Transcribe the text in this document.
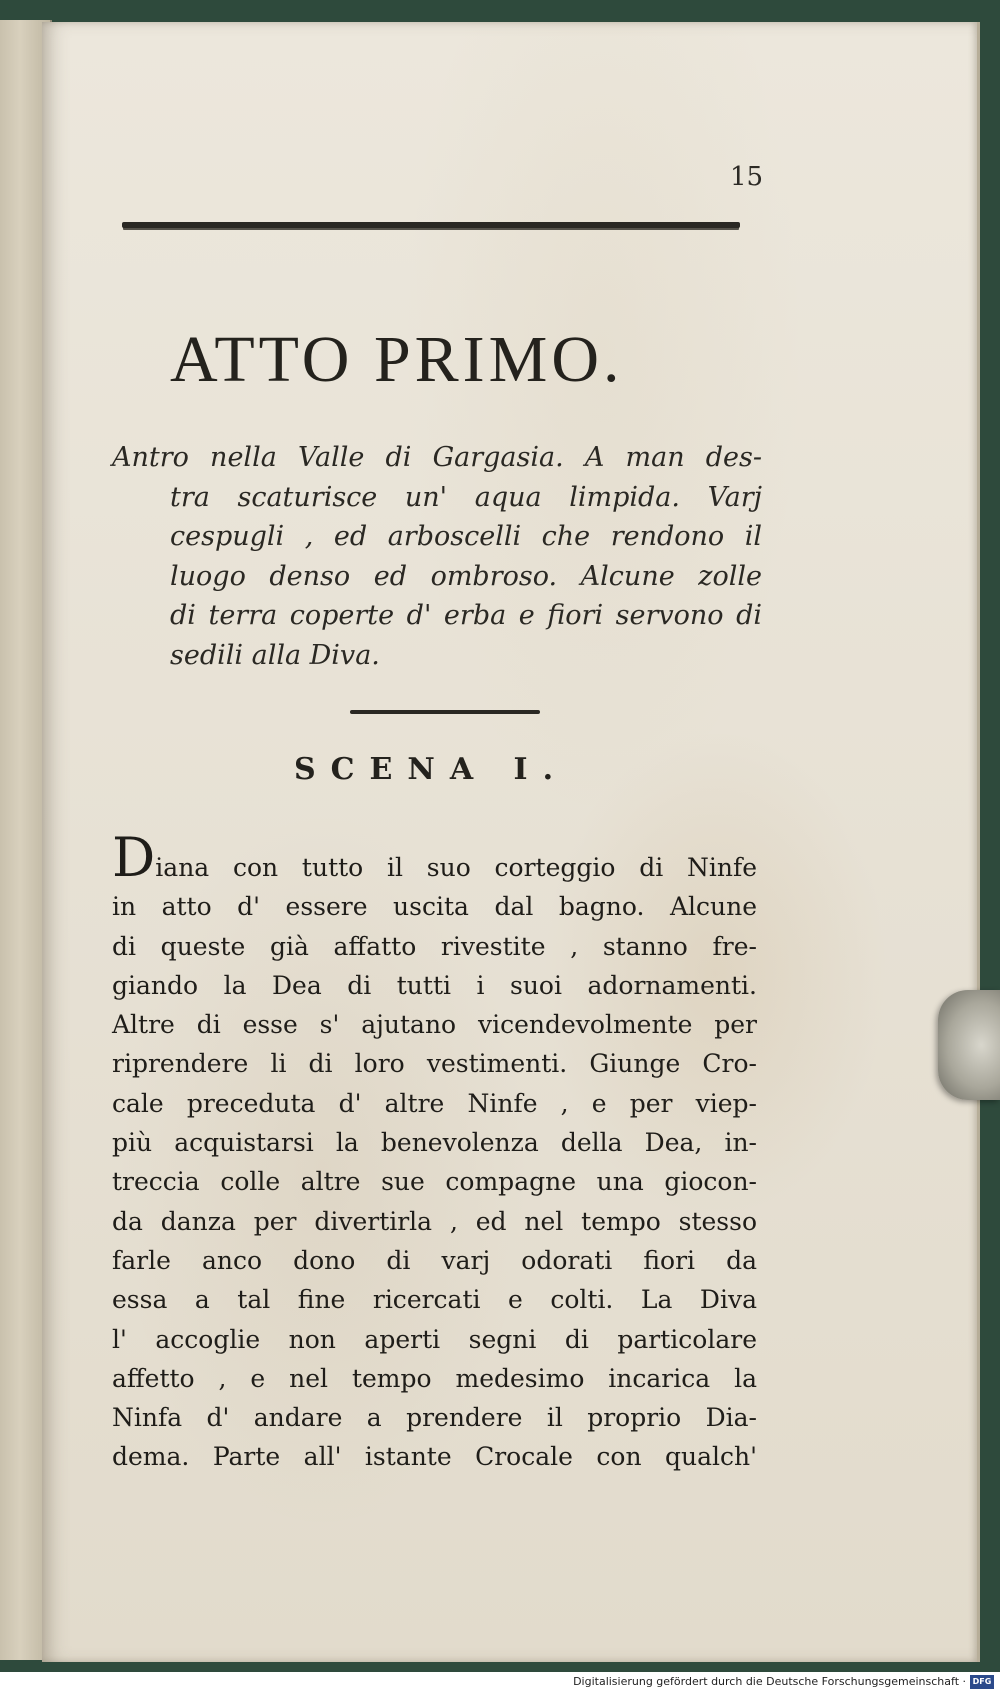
15
ATTO PRIMO.
Antro nella Valle di Gargasia. A man des-
tra scaturisce un' aqua limpida. Varj
cespugli , ed arboscelli che rendono il
luogo denso ed ombroso. Alcune zolle
di terra coperte d' erba e fiori servono di
sedili alla Diva.
SCENA I.
Diana con tutto il suo corteggio di Ninfe
in atto d' essere uscita dal bagno. Alcune
di queste già affatto rivestite , stanno fre-
giando la Dea di tutti i suoi adornamenti.
Altre di esse s' ajutano vicendevolmente per
riprendere li di loro vestimenti. Giunge Cro-
cale preceduta d' altre Ninfe , e per viep-
più acquistarsi la benevolenza della Dea, in-
treccia colle altre sue compagne una giocon-
da danza per divertirla , ed nel tempo stesso
farle anco dono di varj odorati fiori da
essa a tal fine ricercati e colti. La Diva
l' accoglie non aperti segni di particolare
affetto , e nel tempo medesimo incarica la
Ninfa d' andare a prendere il proprio Dia-
dema. Parte all' istante Crocale con qualch'
Digitalisierung gefördert durch die Deutsche Forschungsgemeinschaft · DFG
